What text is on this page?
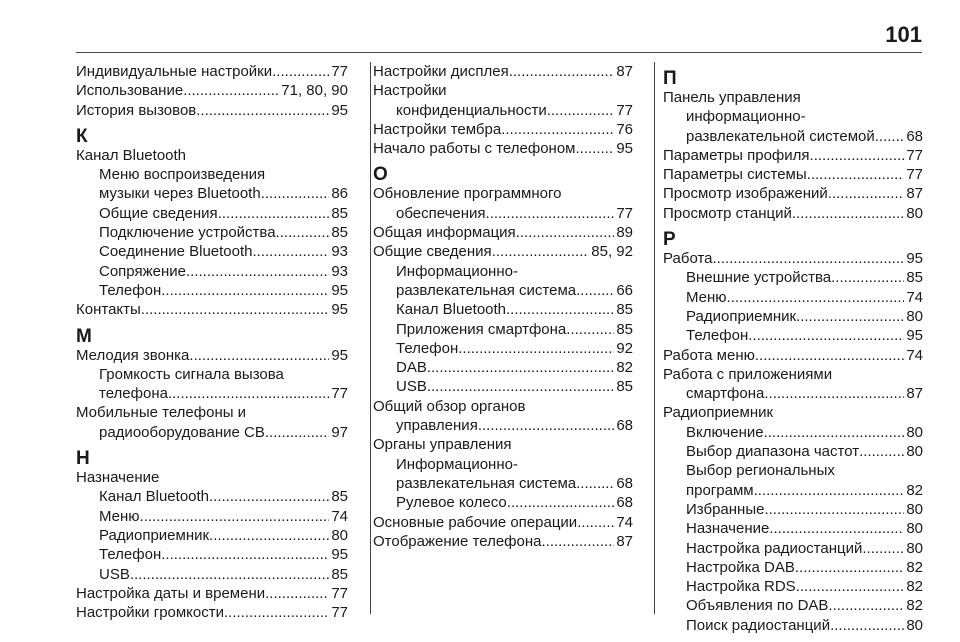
101
Индивидуальные настройки .....	77
Использование .....	71, 80, 90
История вызовов .....	95
К
Канал Bluetooth
Меню воспроизведения
музыки через Bluetooth .....	86
Общие сведения .....	85
Подключение устройства .....	85
Соединение Bluetooth .....	93
Сопряжение .....	93
Телефон .....	95
Контакты .....	95
М
Мелодия звонка .....	95
Громкость сигнала вызова
телефона .....	77
Мобильные телефоны и
радиооборудование CB .....	97
Н
Назначение
Канал Bluetooth .....	85
Меню .....	74
Радиоприемник .....	80
Телефон .....	95
USB .....	85
Настройка даты и времени .....	77
Настройки громкости .....	77
Настройки дисплея .....	87
Настройки
конфиденциальности .....	77
Настройки тембра .....	76
Начало работы с телефоном .....	95
О
Обновление программного
обеспечения .....	77
Общая информация .....	89
Общие сведения .....	85, 92
Информационно-
развлекательная система .....	66
Канал Bluetooth .....	85
Приложения смартфона .....	85
Телефон .....	92
DAB .....	82
USB .....	85
Общий обзор органов
управления .....	68
Органы управления
Информационно-
развлекательная система .....	68
Рулевое колесо .....	68
Основные рабочие операции .....	74
Отображение телефона .....	87
П
Панель управления
информационно-
развлекательной системой ..... 68
Параметры профиля .....	77
Параметры системы .....	77
Просмотр изображений .....	87
Просмотр станций .....	80
Р
Работа .....	95
Внешние устройства .....	85
Меню .....	74
Радиоприемник .....	80
Телефон .....	95
Работа меню .....	74
Работа с приложениями
смартфона .....	87
Радиоприемник
Включение .....	80
Выбор диапазона частот .....	80
Выбор региональных
программ .....	82
Избранные .....	80
Назначение .....	80
Настройка радиостанций .....	80
Настройка DAB .....	82
Настройка RDS .....	82
Объявления по DAB .....	82
Поиск радиостанций .....	80
